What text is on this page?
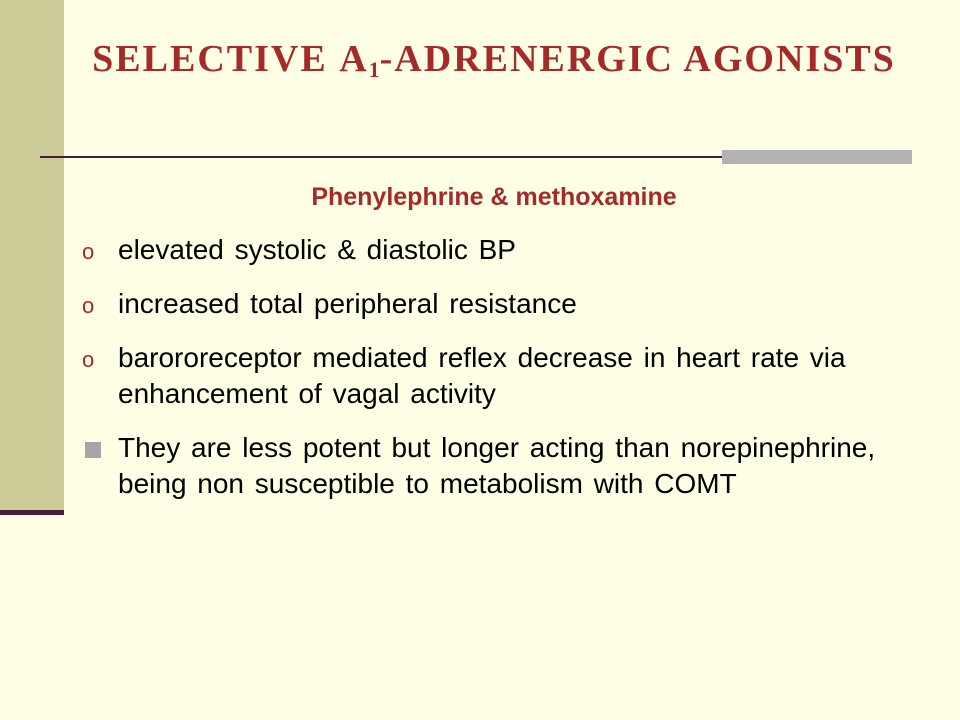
SELECTIVE $A_1$-ADRENERGIC AGONISTS
Phenylephrine & methoxamine
o elevated systolic & diastolic BP
o increased total peripheral resistance
o barororeceptor mediated reflex decrease in heart rate via enhancement of vagal activity
They are less potent but longer acting than norepinephrine, being non susceptible to metabolism with COMT
